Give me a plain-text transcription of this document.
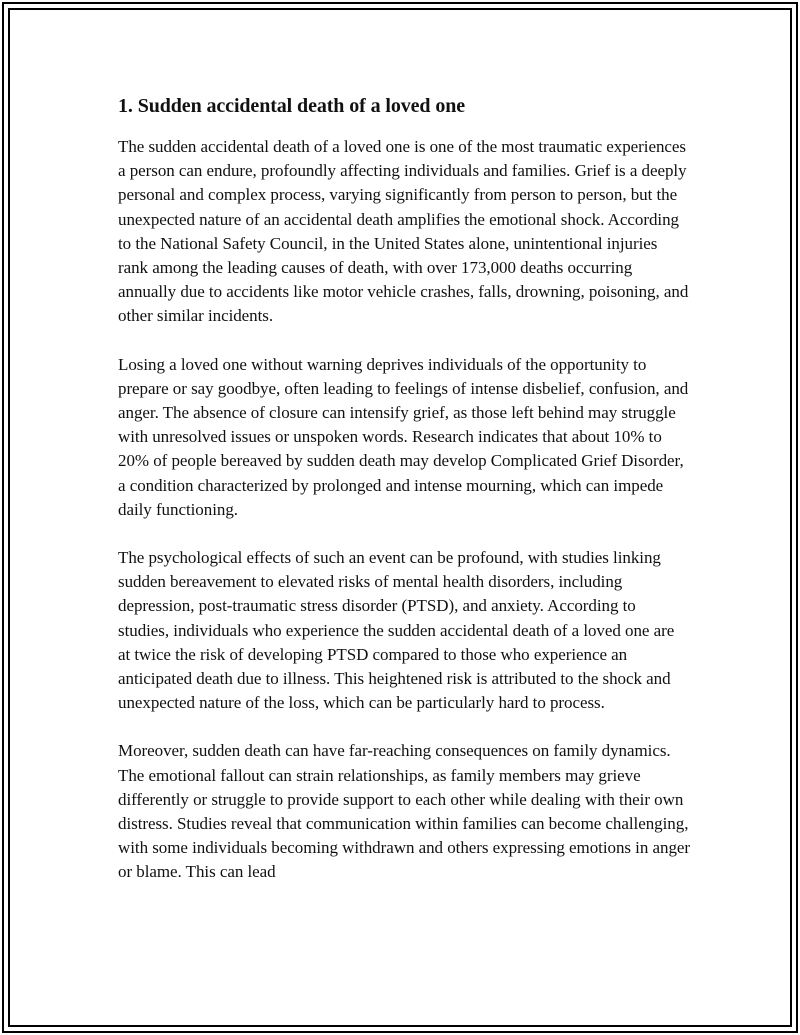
1. Sudden accidental death of a loved one

The sudden accidental death of a loved one is one of the most traumatic experiences a person can endure, profoundly affecting individuals and families. Grief is a deeply personal and complex process, varying significantly from person to person, but the unexpected nature of an accidental death amplifies the emotional shock. According to the National Safety Council, in the United States alone, unintentional injuries rank among the leading causes of death, with over 173,000 deaths occurring annually due to accidents like motor vehicle crashes, falls, drowning, poisoning, and other similar incidents.

Losing a loved one without warning deprives individuals of the opportunity to prepare or say goodbye, often leading to feelings of intense disbelief, confusion, and anger. The absence of closure can intensify grief, as those left behind may struggle with unresolved issues or unspoken words. Research indicates that about 10% to 20% of people bereaved by sudden death may develop Complicated Grief Disorder, a condition characterized by prolonged and intense mourning, which can impede daily functioning.

The psychological effects of such an event can be profound, with studies linking sudden bereavement to elevated risks of mental health disorders, including depression, post-traumatic stress disorder (PTSD), and anxiety. According to studies, individuals who experience the sudden accidental death of a loved one are at twice the risk of developing PTSD compared to those who experience an anticipated death due to illness. This heightened risk is attributed to the shock and unexpected nature of the loss, which can be particularly hard to process.

Moreover, sudden death can have far-reaching consequences on family dynamics. The emotional fallout can strain relationships, as family members may grieve differently or struggle to provide support to each other while dealing with their own distress. Studies reveal that communication within families can become challenging, with some individuals becoming withdrawn and others expressing emotions in anger or blame. This can lead
